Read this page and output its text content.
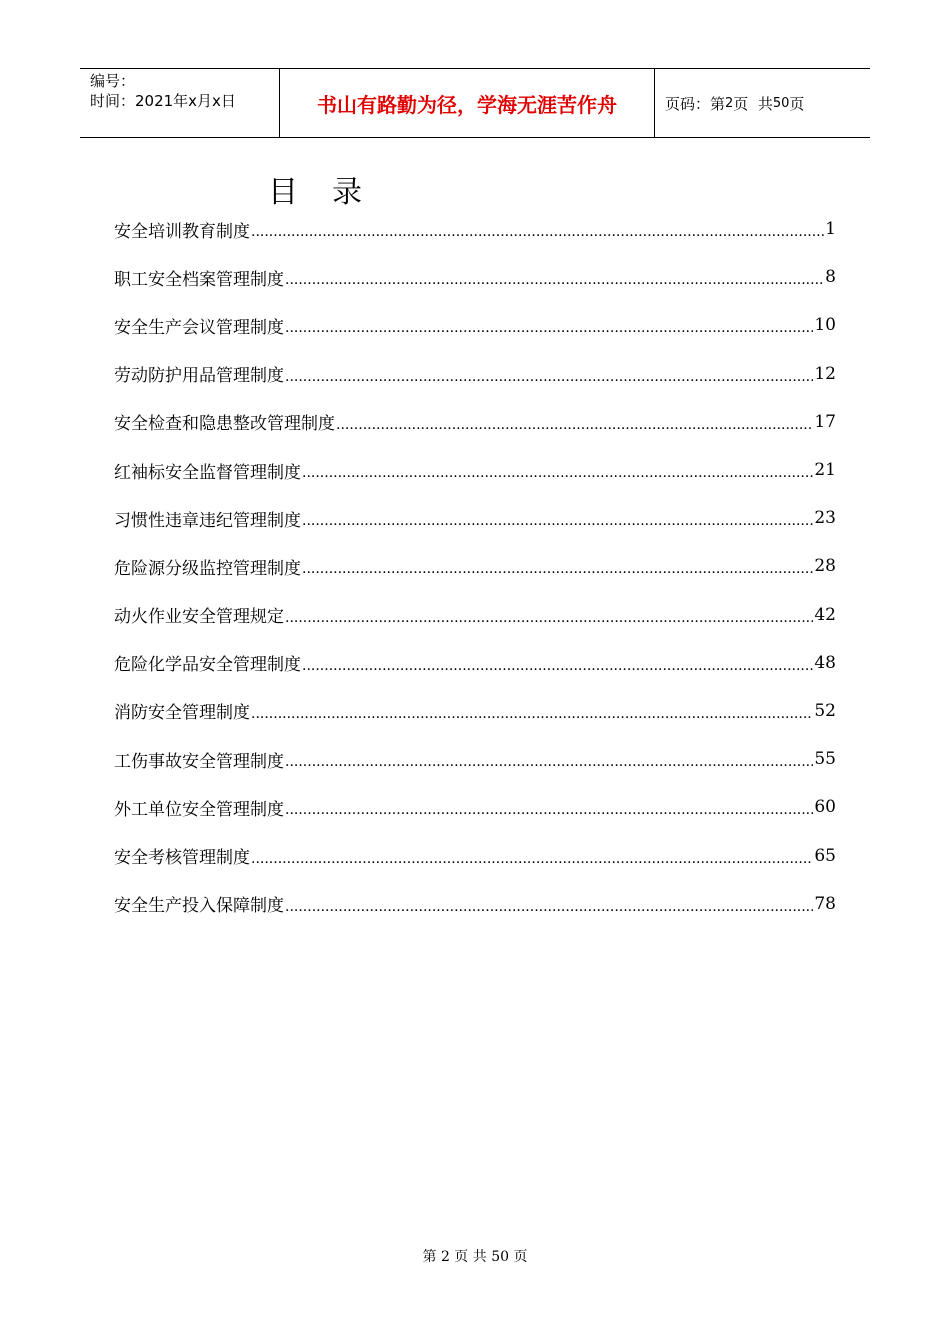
编号：
时间：2021年x月x日	书山有路勤为径，学海无涯苦作舟	页码：第 2 页  共 50 页
目录
安全培训教育制度 .....	1
职工安全档案管理制度 .....	8
安全生产会议管理制度 .....	10
劳动防护用品管理制度 .....	12
安全检查和隐患整改管理制度 .....	17
红袖标安全监督管理制度 .....	21
习惯性违章违纪管理制度 .....	23
危险源分级监控管理制度 .....	28
动火作业安全管理规定 .....	42
危险化学品安全管理制度 .....	48
消防安全管理制度 .....	52
工伤事故安全管理制度 .....	55
外工单位安全管理制度 .....	60
安全考核管理制度 .....	65
安全生产投入保障制度 .....	78
第 2 页 共 50 页
